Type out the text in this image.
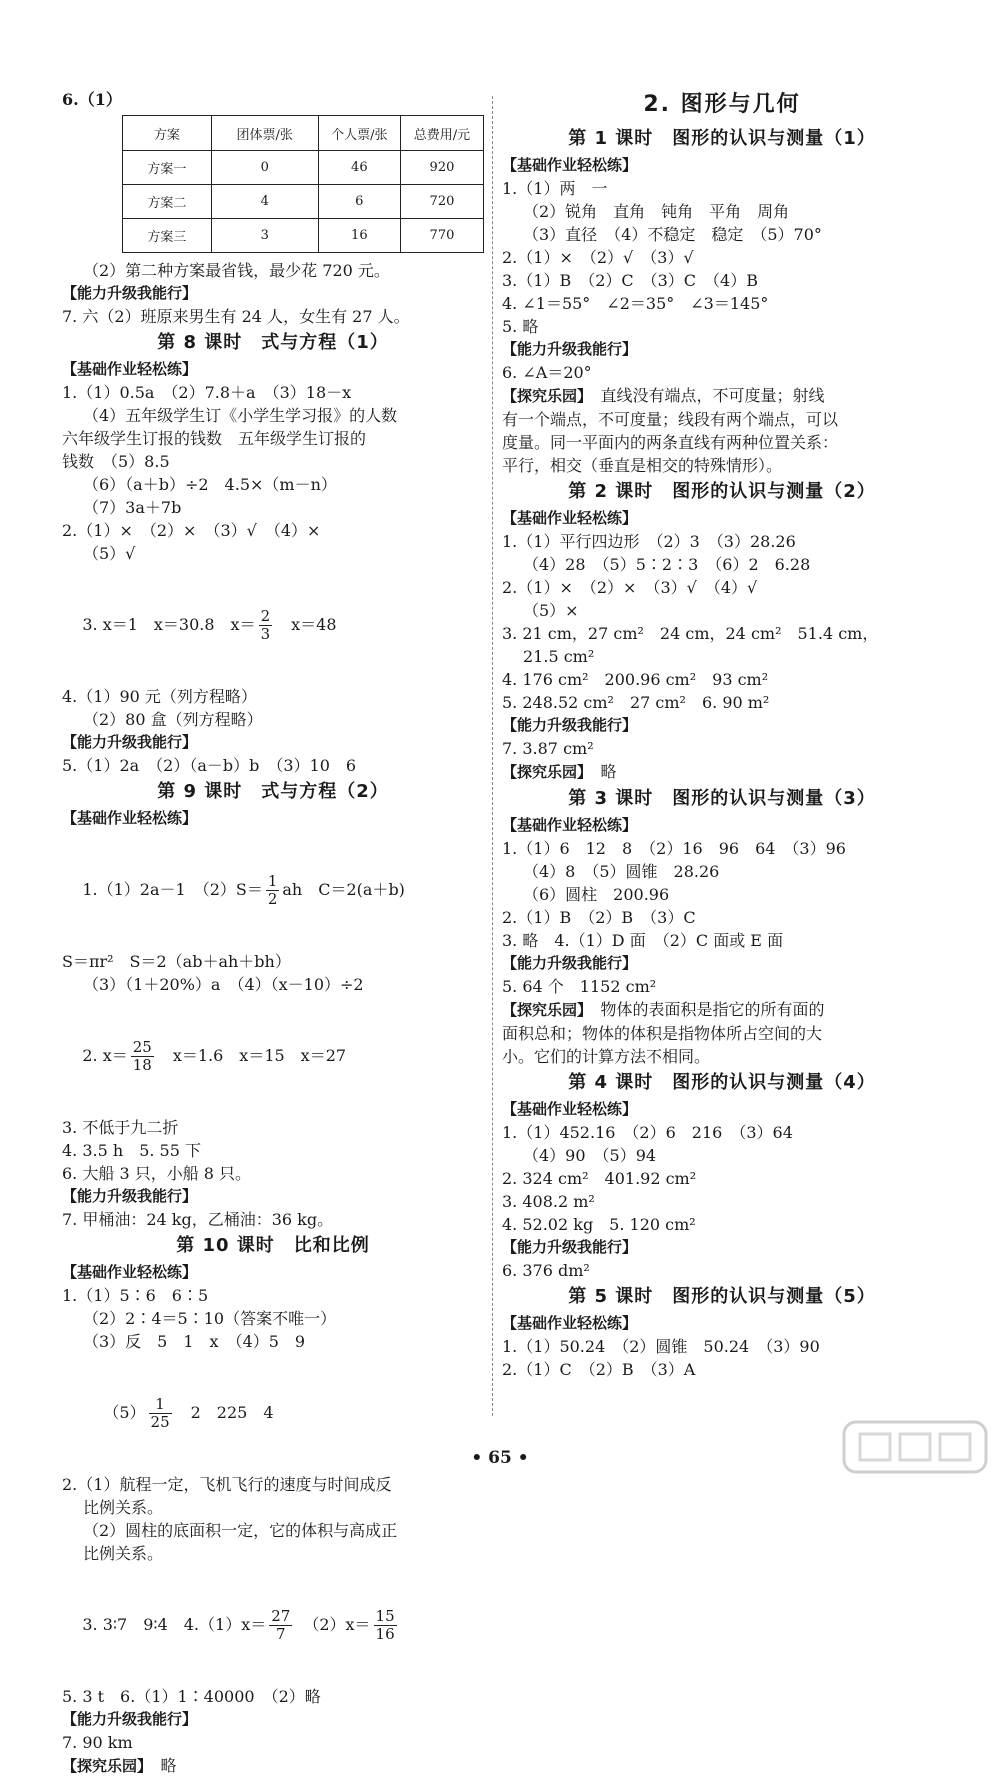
6.（1）
方案	团体票/张	个人票/张	总费用/元
方案一	0	46	920
方案二	4	6	720
方案三	3	16	770
（2）第二种方案最省钱，最少花 720 元。
【能力升级我能行】
7. 六（2）班原来男生有 24 人，女生有 27 人。
第 8 课时　式与方程（1）
【基础作业轻松练】
1.（1）0.5a　（2）7.8＋a　（3）18－x
（4）五年级学生订《小学生学习报》的人数
六年级学生订报的钱数　五年级学生订报的
钱数　（5）8.5
（6）（a＋b）÷2　4.5×（m－n）
（7）3a＋7b
2.（1）×　（2）×　（3）√　（4）×
（5）√

3. x＝1　x＝30.8　$x= \frac{2}{3}$ 　x＝48

4.（1）90 元（列方程略）
（2）80 盒（列方程略）
【能力升级我能行】
5.（1）2a　（2）（a－b）b　（3）10　6
第 9 课时　式与方程（2）
【基础作业轻松练】

1.（1）2a－1　$(2)S= \frac{1}{2}$ ah　C＝2(a＋b)

S＝πr²　S＝2（ab＋ah＋bh）
（3）（1＋20%）a　（4）（x－10）÷2

2. $x= \frac{25}{18}$ 　x＝1.6　x＝15　x＝27

3. 不低于九二折
4. 3.5 h　5. 55 下
6. 大船 3 只，小船 8 只。
【能力升级我能行】
7. 甲桶油：24 kg，乙桶油：36 kg。
第 10 课时　比和比例
【基础作业轻松练】
1.（1）5∶6　6∶5
（2）2∶4＝5∶10（答案不唯一）
（3）反　5　1　x　（4）5　9

$(5) \frac{1}{25}$ 　2　225　4

2.（1）航程一定，飞机飞行的速度与时间成反
比例关系。
（2）圆柱的底面积一定，它的体积与高成正
比例关系。

3. 3∶7　9∶4　$4.(1)x= \frac{27}{7}$ 　$(2)x= \frac{15}{16}$

5. 3 t　6.（1）1∶40000　（2）略
【能力升级我能行】
7. 90 km
【探究乐园】　略
2. 图形与几何
第 1 课时　图形的认识与测量（1）
【基础作业轻松练】
1.（1）两　一
（2）锐角　直角　钝角　平角　周角
（3）直径　（4）不稳定　稳定　（5）70°
2.（1）×　（2）√　（3）√
3.（1）B　（2）C　（3）C　（4）B
4. ∠1＝55°　∠2＝35°　∠3＝145°
5. 略
【能力升级我能行】
6. ∠A＝20°
【探究乐园】　直线没有端点，不可度量；射线
有一个端点，不可度量；线段有两个端点，可以
度量。同一平面内的两条直线有两种位置关系：
平行，相交（垂直是相交的特殊情形）。
第 2 课时　图形的认识与测量（2）
【基础作业轻松练】
1.（1）平行四边形　（2）3　（3）28.26
（4）28　（5）5∶2∶3　（6）2　6.28
2.（1）×　（2）×　（3）√　（4）√
（5）×
3. 21 cm，27 cm²　24 cm，24 cm²　51.4 cm，
21.5 cm²
4. 176 cm²　200.96 cm²　93 cm²
5. 248.52 cm²　27 cm²　6. 90 m²
【能力升级我能行】
7. 3.87 cm²
【探究乐园】　略
第 3 课时　图形的认识与测量（3）
【基础作业轻松练】
1.（1）6　12　8　（2）16　96　64　（3）96
（4）8　（5）圆锥　28.26
（6）圆柱　200.96
2.（1）B　（2）B　（3）C
3. 略　4.（1）D 面　（2）C 面或 E 面
【能力升级我能行】
5. 64 个　1152 cm²
【探究乐园】　物体的表面积是指它的所有面的
面积总和；物体的体积是指物体所占空间的大
小。它们的计算方法不相同。
第 4 课时　图形的认识与测量（4）
【基础作业轻松练】
1.（1）452.16　（2）6　216　（3）64
（4）90　（5）94
2. 324 cm²　401.92 cm²
3. 408.2 m²
4. 52.02 kg　5. 120 cm²
【能力升级我能行】
6. 376 dm²
第 5 课时　图形的认识与测量（5）
【基础作业轻松练】
1.（1）50.24　（2）圆锥　50.24　（3）90
2.（1）C　（2）B　（3）A
• 65 •
